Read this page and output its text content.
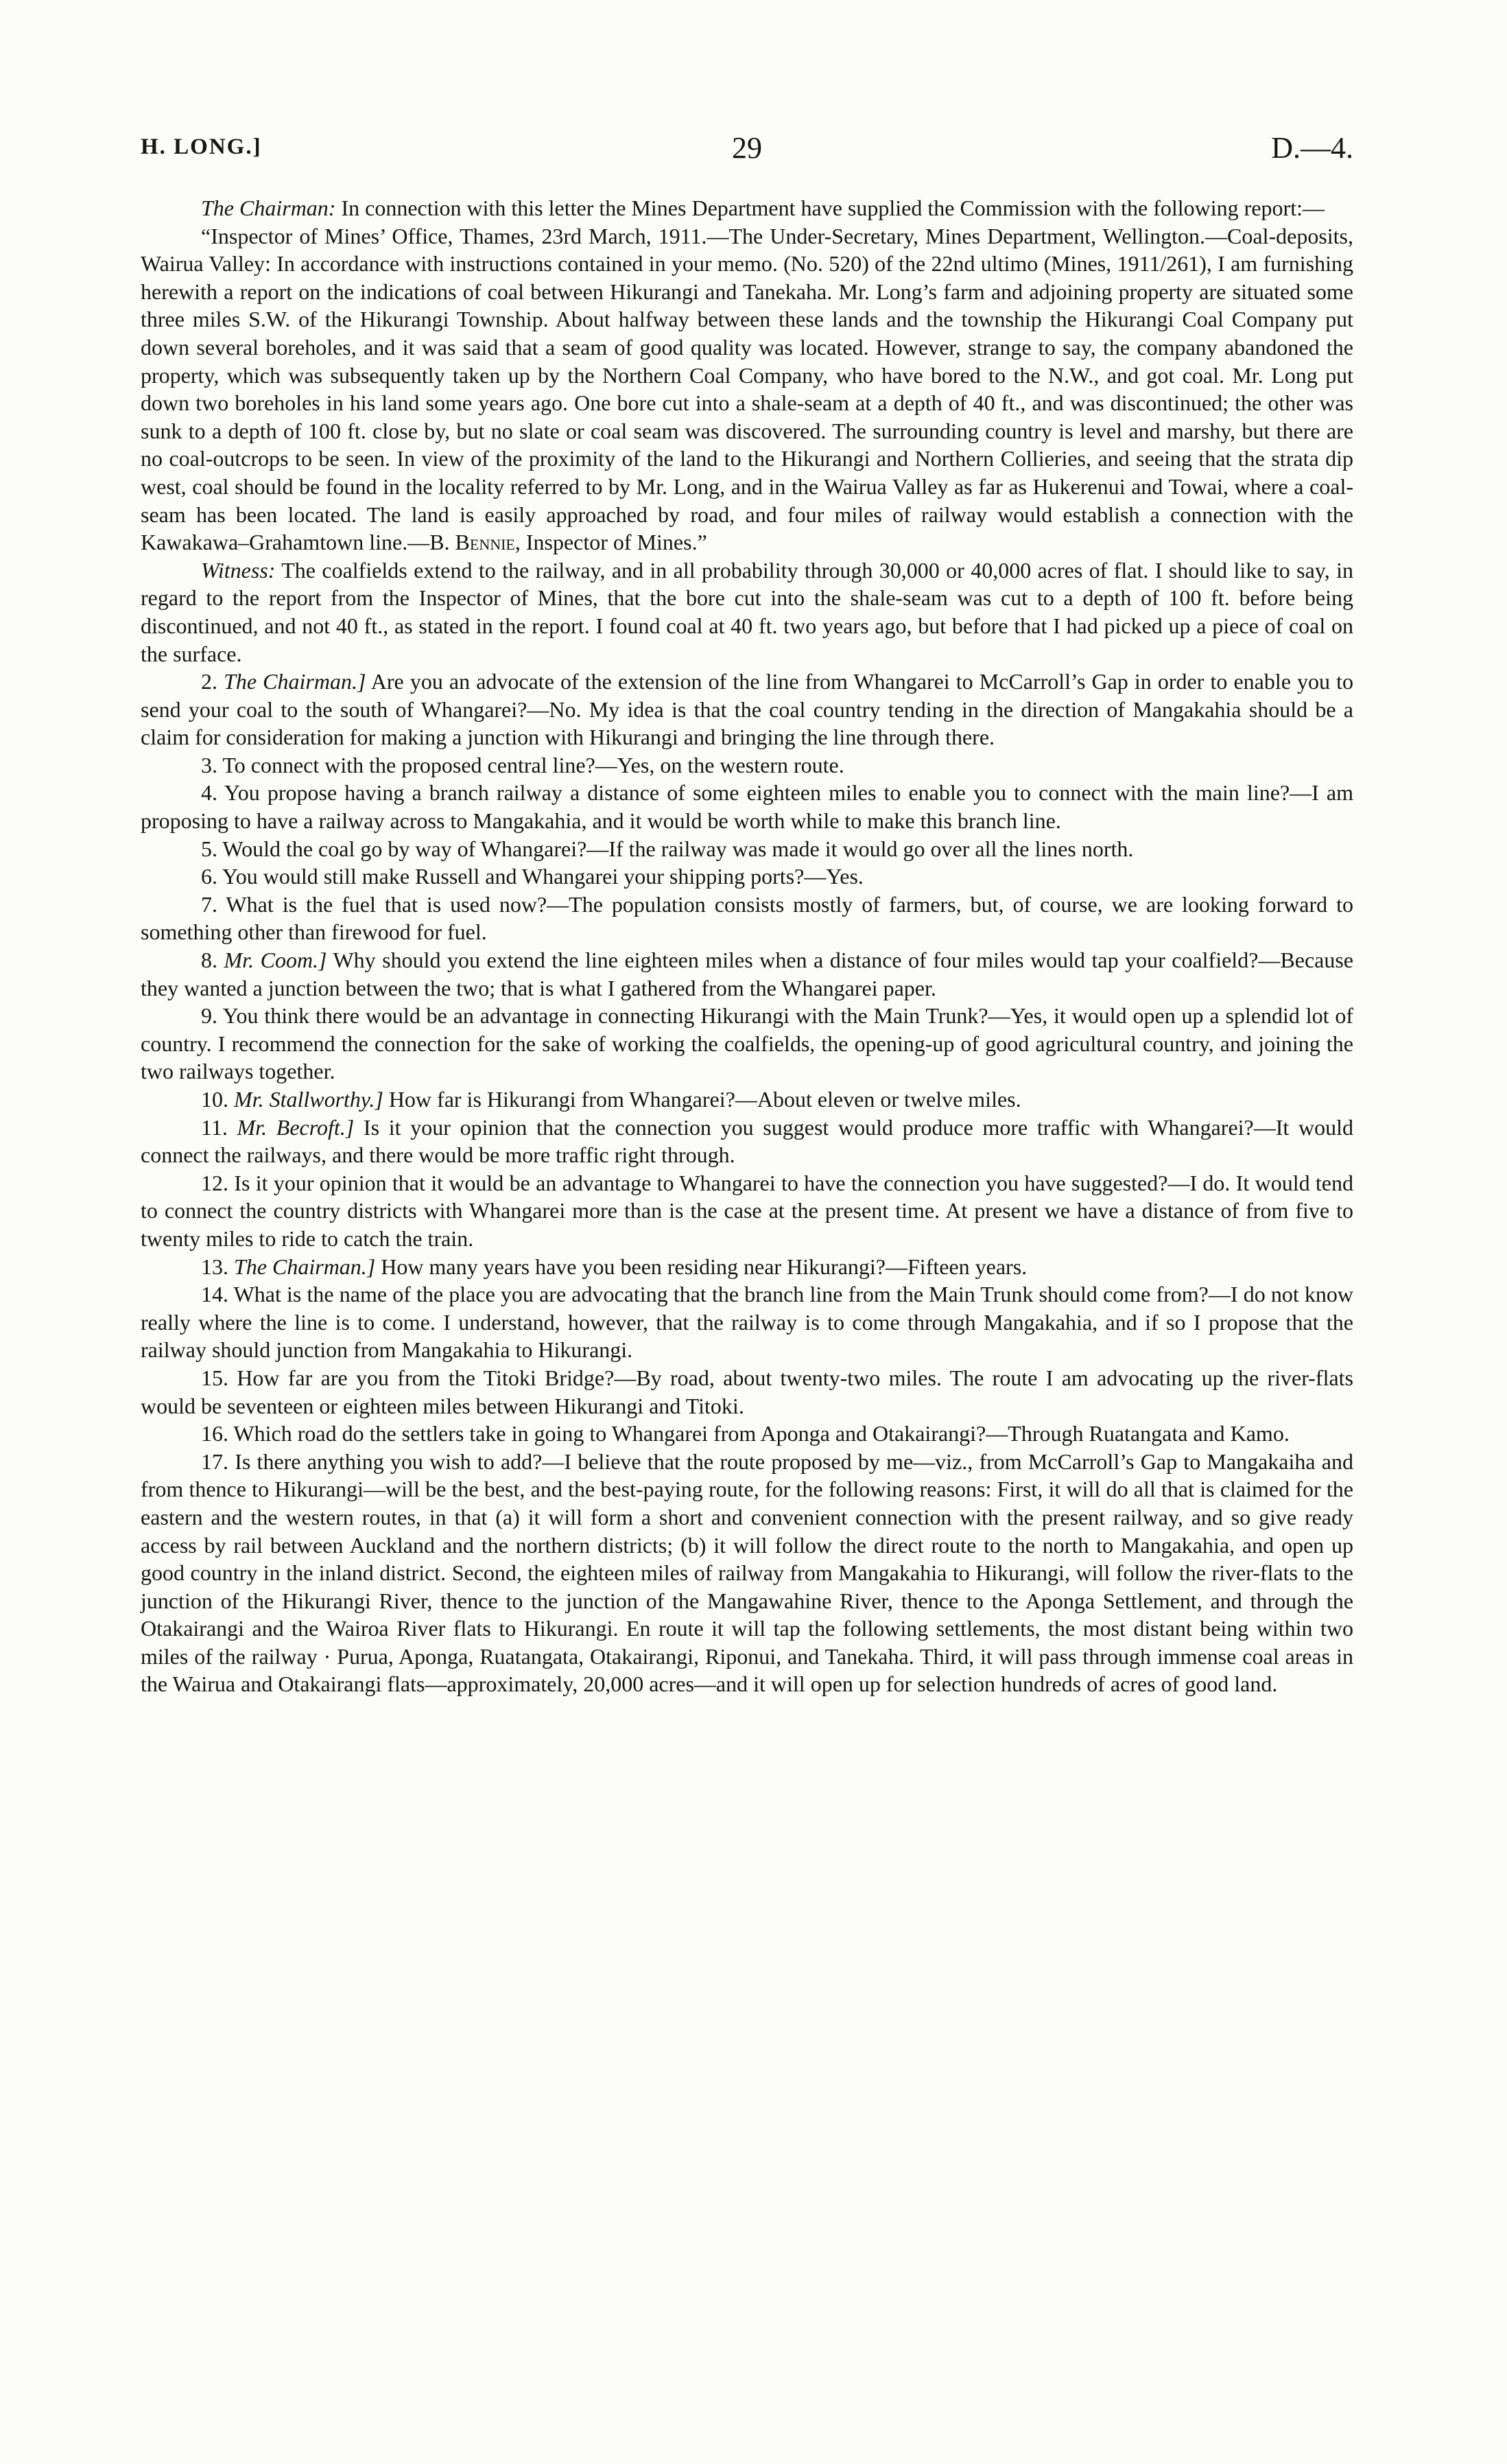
H. LONG.]	29	D.—4.

The Chairman: In connection with this letter the Mines Department have supplied the Commission with the following report:—

“Inspector of Mines’ Office, Thames, 23rd March, 1911.—The Under-Secretary, Mines Department, Wellington.—Coal-deposits, Wairua Valley: In accordance with instructions contained in your memo. (No. 520) of the 22nd ultimo (Mines, 1911/261), I am furnishing herewith a report on the indications of coal between Hikurangi and Tanekaha. Mr. Long’s farm and adjoining property are situated some three miles S.W. of the Hikurangi Township. About halfway between these lands and the township the Hikurangi Coal Company put down several boreholes, and it was said that a seam of good quality was located. However, strange to say, the company abandoned the property, which was subsequently taken up by the Northern Coal Company, who have bored to the N.W., and got coal. Mr. Long put down two boreholes in his land some years ago. One bore cut into a shale-seam at a depth of 40 ft., and was discontinued; the other was sunk to a depth of 100 ft. close by, but no slate or coal seam was discovered. The surrounding country is level and marshy, but there are no coal-outcrops to be seen. In view of the proximity of the land to the Hikurangi and Northern Collieries, and seeing that the strata dip west, coal should be found in the locality referred to by Mr. Long, and in the Wairua Valley as far as Hukerenui and Towai, where a coal-seam has been located. The land is easily approached by road, and four miles of railway would establish a connection with the Kawakawa–Grahamtown line.—B. Bennie, Inspector of Mines.”

Witness: The coalfields extend to the railway, and in all probability through 30,000 or 40,000 acres of flat. I should like to say, in regard to the report from the Inspector of Mines, that the bore cut into the shale-seam was cut to a depth of 100 ft. before being discontinued, and not 40 ft., as stated in the report. I found coal at 40 ft. two years ago, but before that I had picked up a piece of coal on the surface.

2. The Chairman.] Are you an advocate of the extension of the line from Whangarei to McCarroll’s Gap in order to enable you to send your coal to the south of Whangarei?—No. My idea is that the coal country tending in the direction of Mangakahia should be a claim for consideration for making a junction with Hikurangi and bringing the line through there.

3. To connect with the proposed central line?—Yes, on the western route.

4. You propose having a branch railway a distance of some eighteen miles to enable you to connect with the main line?—I am proposing to have a railway across to Mangakahia, and it would be worth while to make this branch line.

5. Would the coal go by way of Whangarei?—If the railway was made it would go over all the lines north.

6. You would still make Russell and Whangarei your shipping ports?—Yes.

7. What is the fuel that is used now?—The population consists mostly of farmers, but, of course, we are looking forward to something other than firewood for fuel.

8. Mr. Coom.] Why should you extend the line eighteen miles when a distance of four miles would tap your coalfield?—Because they wanted a junction between the two; that is what I gathered from the Whangarei paper.

9. You think there would be an advantage in connecting Hikurangi with the Main Trunk?—Yes, it would open up a splendid lot of country. I recommend the connection for the sake of working the coalfields, the opening-up of good agricultural country, and joining the two railways together.

10. Mr. Stallworthy.] How far is Hikurangi from Whangarei?—About eleven or twelve miles.

11. Mr. Becroft.] Is it your opinion that the connection you suggest would produce more traffic with Whangarei?—It would connect the railways, and there would be more traffic right through.

12. Is it your opinion that it would be an advantage to Whangarei to have the connection you have suggested?—I do. It would tend to connect the country districts with Whangarei more than is the case at the present time. At present we have a distance of from five to twenty miles to ride to catch the train.

13. The Chairman.] How many years have you been residing near Hikurangi?—Fifteen years.

14. What is the name of the place you are advocating that the branch line from the Main Trunk should come from?—I do not know really where the line is to come. I understand, however, that the railway is to come through Mangakahia, and if so I propose that the railway should junction from Mangakahia to Hikurangi.

15. How far are you from the Titoki Bridge?—By road, about twenty-two miles. The route I am advocating up the river-flats would be seventeen or eighteen miles between Hikurangi and Titoki.

16. Which road do the settlers take in going to Whangarei from Aponga and Otakairangi?—Through Ruatangata and Kamo.

17. Is there anything you wish to add?—I believe that the route proposed by me—viz., from McCarroll’s Gap to Mangakaiha and from thence to Hikurangi—will be the best, and the best-paying route, for the following reasons: First, it will do all that is claimed for the eastern and the western routes, in that (a) it will form a short and convenient connection with the present railway, and so give ready access by rail between Auckland and the northern districts; (b) it will follow the direct route to the north to Mangakahia, and open up good country in the inland district. Second, the eighteen miles of railway from Mangakahia to Hikurangi, will follow the river-flats to the junction of the Hikurangi River, thence to the junction of the Mangawahine River, thence to the Aponga Settlement, and through the Otakairangi and the Wairoa River flats to Hikurangi. En route it will tap the following settlements, the most distant being within two miles of the railway · Purua, Aponga, Ruatangata, Otakairangi, Riponui, and Tanekaha. Third, it will pass through immense coal areas in the Wairua and Otakairangi flats—approximately, 20,000 acres—and it will open up for selection hundreds of acres of good land.
